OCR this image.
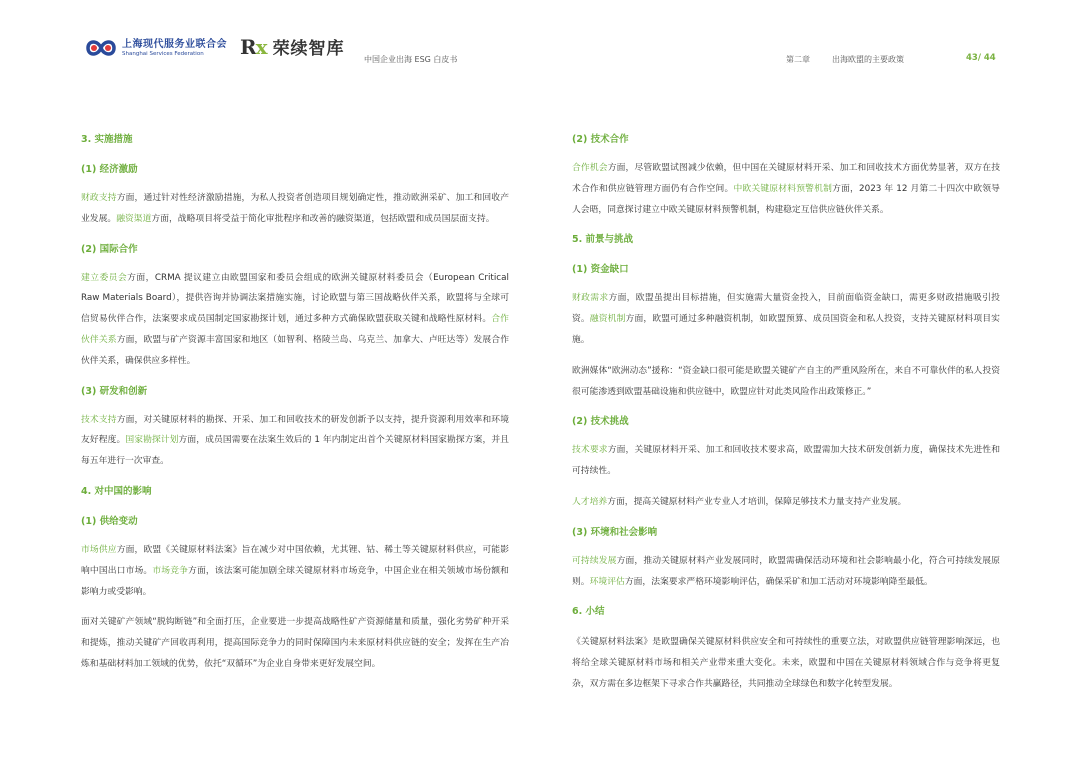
上海现代服务业联合会
Shanghai Services Federation	Rx 荣续智库
中国企业出海 ESG 白皮书	第二章	出海欧盟的主要政策	43/ 44

3. 实施措施

(1) 经济激励

财政支持方面，通过针对性经济激励措施，为私人投资者创造项目规划确定性，推动欧洲采矿、加工和回收产业发展。融资渠道方面，战略项目将受益于简化审批程序和改善的融资渠道，包括欧盟和成员国层面支持。

(2) 国际合作

建立委员会方面，CRMA 提议建立由欧盟国家和委员会组成的欧洲关键原材料委员会（European Critical Raw Materials Board），提供咨询并协调法案措施实施，讨论欧盟与第三国战略伙伴关系，欧盟将与全球可信贸易伙伴合作，法案要求成员国制定国家勘探计划，通过多种方式确保欧盟获取关键和战略性原材料。合作伙伴关系方面，欧盟与矿产资源丰富国家和地区（如智利、格陵兰岛、乌克兰、加拿大、卢旺达等）发展合作伙伴关系，确保供应多样性。

(3) 研发和创新

技术支持方面，对关键原材料的勘探、开采、加工和回收技术的研发创新予以支持，提升资源利用效率和环境友好程度。国家勘探计划方面，成员国需要在法案生效后的 1 年内制定出首个关键原材料国家勘探方案，并且每五年进行一次审查。

4. 对中国的影响

(1) 供给变动

市场供应方面，欧盟《关键原材料法案》旨在减少对中国依赖，尤其锂、钴、稀土等关键原材料供应，可能影响中国出口市场。市场竞争方面，该法案可能加剧全球关键原材料市场竞争，中国企业在相关领域市场份额和影响力或受影响。

面对关键矿产领域“脱钩断链”和全面打压，企业要进一步提高战略性矿产资源储量和质量，强化劣势矿种开采和提炼，推动关键矿产回收再利用，提高国际竞争力的同时保障国内未来原材料供应链的安全；发挥在生产冶炼和基础材料加工领域的优势，依托“双循环”为企业自身带来更好发展空间。

(2) 技术合作

合作机会方面，尽管欧盟试图减少依赖，但中国在关键原材料开采、加工和回收技术方面优势显著，双方在技术合作和供应链管理方面仍有合作空间。中欧关键原材料预警机制方面，2023 年 12 月第二十四次中欧领导人会晤，同意探讨建立中欧关键原材料预警机制，构建稳定互信供应链伙伴关系。

5. 前景与挑战

(1) 资金缺口

财政需求方面，欧盟虽提出目标措施，但实施需大量资金投入，目前面临资金缺口，需更多财政措施吸引投资。融资机制方面，欧盟可通过多种融资机制，如欧盟预算、成员国资金和私人投资，支持关键原材料项目实施。

欧洲媒体“欧洲动态”援称：“资金缺口很可能是欧盟关键矿产自主的严重风险所在，来自不可靠伙伴的私人投资很可能渗透到欧盟基础设施和供应链中，欧盟应针对此类风险作出政策修正。”

(2) 技术挑战

技术要求方面，关键原材料开采、加工和回收技术要求高，欧盟需加大技术研发创新力度，确保技术先进性和可持续性。

人才培养方面，提高关键原材料产业专业人才培训，保障足够技术力量支持产业发展。

(3) 环境和社会影响

可持续发展方面，推动关键原材料产业发展同时，欧盟需确保活动环境和社会影响最小化，符合可持续发展原则。环境评估方面，法案要求严格环境影响评估，确保采矿和加工活动对环境影响降至最低。

6. 小结

《关键原材料法案》是欧盟确保关键原材料供应安全和可持续性的重要立法，对欧盟供应链管理影响深远，也将给全球关键原材料市场和相关产业带来重大变化。未来，欧盟和中国在关键原材料领域合作与竞争将更复杂，双方需在多边框架下寻求合作共赢路径，共同推动全球绿色和数字化转型发展。
